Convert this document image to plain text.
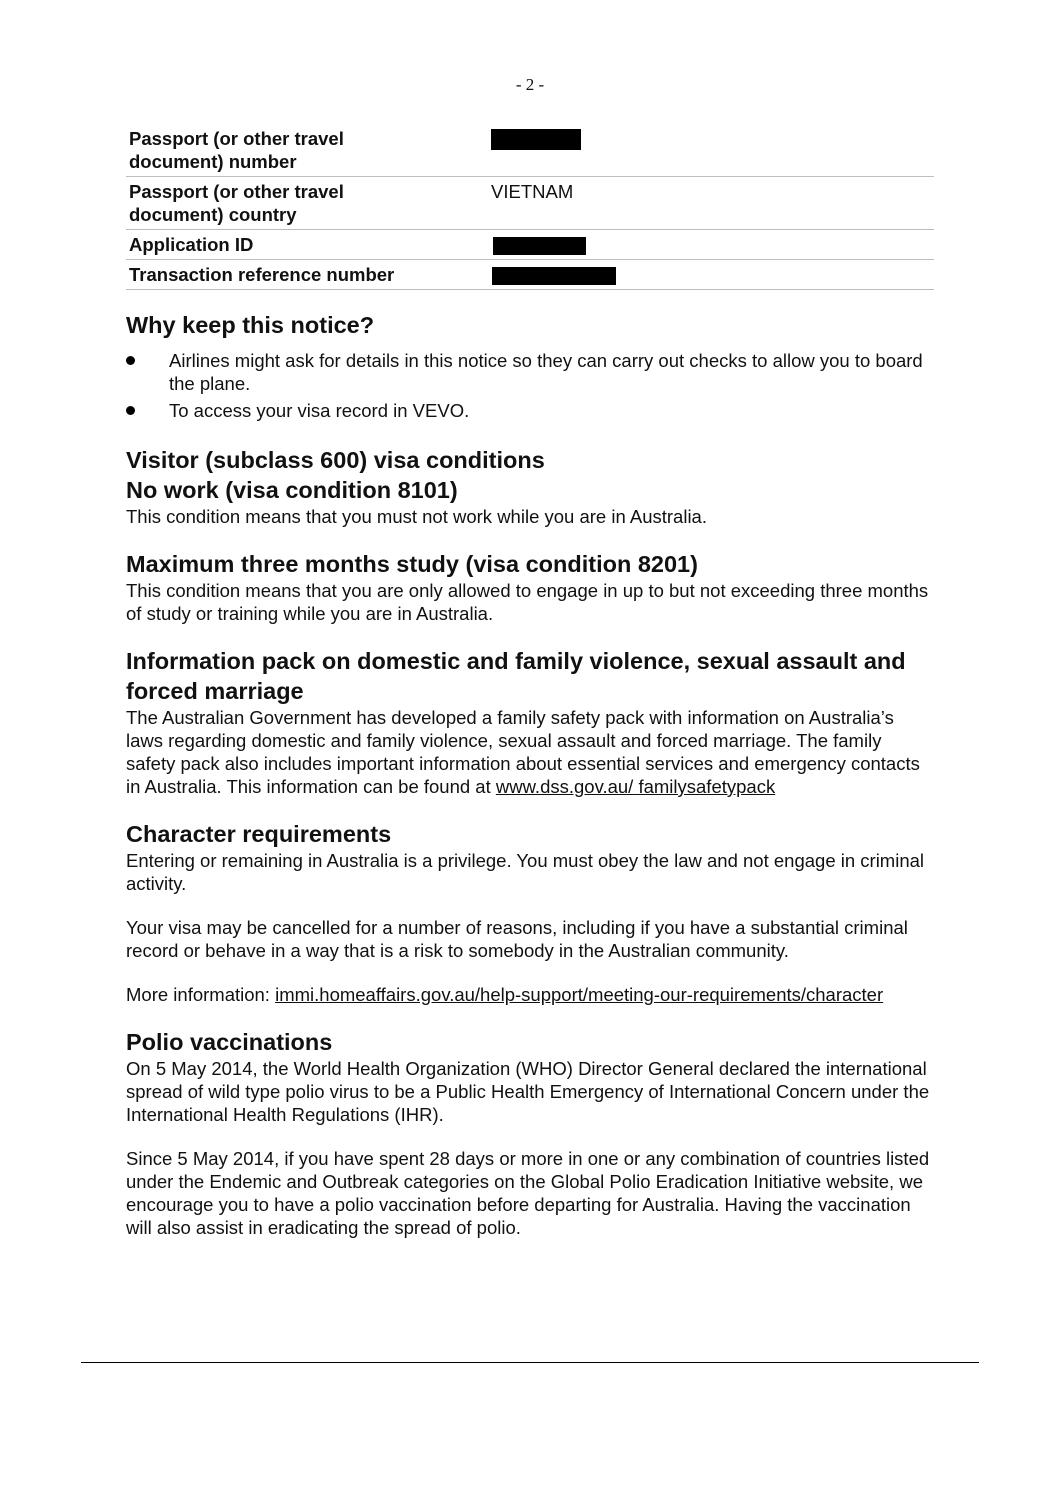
- 2 -
Passport (or other travel document) number	
Passport (or other travel document) country	VIETNAM
Application ID	
Transaction reference number	
Why keep this notice?
Airlines might ask for details in this notice so they can carry out checks to allow you to board the plane.
To access your visa record in VEVO.
Visitor (subclass 600) visa conditions
No work (visa condition 8101)

This condition means that you must not work while you are in Australia.

Maximum three months study (visa condition 8201)

This condition means that you are only allowed to engage in up to but not exceeding three months of study or training while you are in Australia.

Information pack on domestic and family violence, sexual assault and forced marriage

The Australian Government has developed a family safety pack with information on Australia’s laws regarding domestic and family violence, sexual assault and forced marriage. The family safety pack also includes important information about essential services and emergency contacts in Australia. This information can be found at www.dss.gov.au/ familysafetypack

Character requirements

Entering or remaining in Australia is a privilege. You must obey the law and not engage in criminal activity.

Your visa may be cancelled for a number of reasons, including if you have a substantial criminal record or behave in a way that is a risk to somebody in the Australian community.

More information: immi.homeaffairs.gov.au/help-support/meeting-our-requirements/character

Polio vaccinations

On 5 May 2014, the World Health Organization (WHO) Director General declared the international spread of wild type polio virus to be a Public Health Emergency of International Concern under the International Health Regulations (IHR).

Since 5 May 2014, if you have spent 28 days or more in one or any combination of countries listed under the Endemic and Outbreak categories on the Global Polio Eradication Initiative website, we encourage you to have a polio vaccination before departing for Australia. Having the vaccination will also assist in eradicating the spread of polio.
